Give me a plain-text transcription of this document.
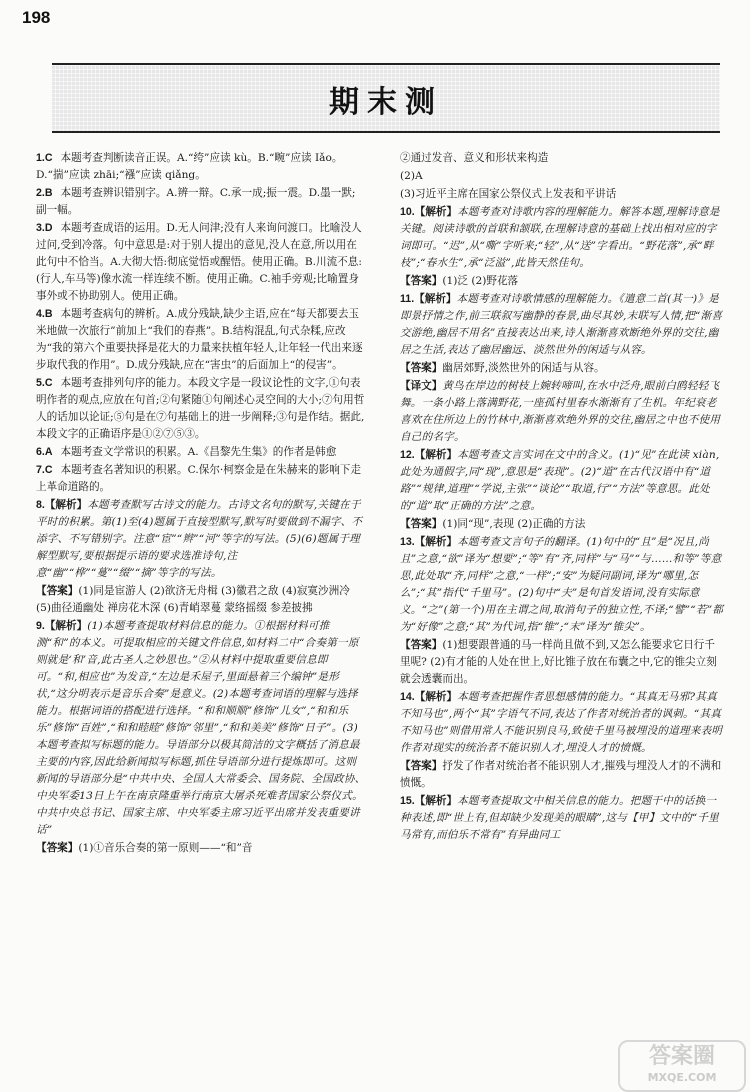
198
期末测
1.C 本题考查判断读音正误。A.“绔”应读 kù。B.“畹”应读 Iǎo。D.“揣”应读 zhāi;“襁”应读 qiǎng。
2.B 本题考查辨识错别字。A.辨一辩。C.承一成;振一震。D.墨一默;副一幅。
3.D 本题考查成语的运用。D.无人问津;没有人来询问渡口。比喻没人过问,受到冷落。句中意思是:对于别人提出的意见,没人在意,所以用在此句中不恰当。A.大彻大悟:彻底觉悟或醒悟。使用正确。B.川流不息:(行人,车马等)像水流一样连续不断。使用正确。C.袖手旁观;比喻置身事外或不协助别人。使用正确。
4.B 本题考查病句的辨析。A.成分残缺,缺少主语,应在“每天都要去玉米地做一次旅行”前加上“我们的春燕”。B.结构混乱,句式杂糅,应改为“我的第六个重要抉择是花大的力量来扶植年轻人,让年轻一代出来逐步取代我的作用”。D.成分残缺,应在“害虫”的后面加上“的侵害”。
5.C 本题考查排列句序的能力。本段文字是一段议论性的文字,①句表明作者的观点,应放在句首;②句紧随①句阐述心灵空间的大小;⑦句用哲人的话加以论证;⑤句是在⑦句基础上的进一步阐释;③句是作结。据此,本段文字的正确语序是①②⑦⑤③。
6.A 本题考查文学常识的积累。A.《昌黎先生集》的作者是韩愈
7.C 本题考查名著知识的积累。C.保尔·柯察金是在朱赫来的影响下走上革命道路的。
8.【解析】本题考查默写古诗文的能力。古诗文名句的默写,关键在于平时的积累。第(1)至(4)题属于直接型默写,默写时要做到不漏字、不添字、不写错别字。注意“宦”“辫”“河”等字的写法。(5)(6)题属于理解型默写,要根据提示语的要求选准诗句,注意“幽”“桦”“蔓”“缀”“摘”等字的写法。
【答案】(1)同是宦游人 (2)欲济无舟楫 (3)徽君之敌 (4)寂寞沙洲冷 (5)曲径通幽处 禅房花木深 (6)青峭翠蔓 蒙络摇缀 参差披拂
9.【解析】(1)本题考查提取材料信息的能力。①根据材料可推测“和”的本义。可提取相应的关键文件信息,如材料二中“合奏第一原则就是‘和’音,此古圣人之妙思也。”②从材料中提取重要信息即可。“和,相应也”为发音,“左边是禾屋子,里面悬着三个编钟”是形状,“这分明表示是音乐合奏”是意义。(2)本题考查词语的理解与选择能力。根据词语的搭配进行选择。“和和顺顺”修饰“儿女”,“和和乐乐”修饰“百姓”,“和和睦睦”修饰“邻里”,“和和美美”修饰“日子”。(3)本题考查拟写标题的能力。导语部分以极其简洁的文字概括了消息最主要的内容,因此给新闻拟写标题,抓住导语部分进行提炼即可。这则新闻的导语部分是“中共中央、全国人大常委会、国务院、全国政协、中央军委13日上午在南京隆重举行南京大屠杀死难者国家公祭仪式。中共中央总书记、国家主席、中央军委主席习近平出席并发表重要讲话”
【答案】(1)①音乐合奏的第一原则——“和”音
②通过发音、意义和形状来构造
(2)A
(3)习近平主席在国家公祭仪式上发表和平讲话
10.【解析】本题考查对诗歌内容的理解能力。解答本题,理解诗意是关键。阅读诗歌的首联和颔联,在理解诗意的基础上找出相对应的字词即可。“迟”,从“嘶”字听来;“轻”,从“送”字看出。“野花落”,承“畔枝”;“春水生”,承“泛溢”,此皆天然佳句。
【答案】(1)泛 (2)野花落
11.【解析】本题考查对诗歌情感的理解能力。《遣意二首(其一)》是即景抒情之作,前三联叙写幽静的春景,曲尽其妙,末联写人情,把“渐喜交游绝,幽居不用名”直接表达出来,诗人渐渐喜欢断绝外界的交往,幽居之生活,表达了幽居幽远、淡然世外的闲适与从容。
【答案】幽居郊野,淡然世外的闲适与从容。
【译文】黄鸟在岸边的树枝上婉转啼叫,在水中泛舟,眼前白鸥轻轻飞舞。一条小路上落满野花,一座孤村里春水渐渐有了生机。年纪衰老喜欢在住所边上的竹林中,渐渐喜欢绝外界的交往,幽居之中也不使用自己的名字。
12.【解析】本题考查文言实词在文中的含义。(1)“见”在此读 xiàn,此处为通假字,同“现”,意思是“表现”。(2)“道”在古代汉语中有“道路”“规律,道理”“学说,主张”“谈论”“取道,行”“方法”等意思。此处的“道”取“正确的方法”之意。
【答案】(1)同“现”,表现 (2)正确的方法
13.【解析】本题考查文言句子的翻译。(1)句中的“且”是“况且,尚且”之意,“欲”译为“想要”;“等”有“齐,同样”与“马”“与……和等”等意思,此处取“齐,同样”之意,“一样”;“安”为疑问副词,译为“哪里,怎么”;“其”指代“千里马”。(2)句中“夫”是句首发语词,没有实际意义。“之”(第一个)用在主谓之间,取消句子的独立性,不译;“譬”“若”都为“好像”之意;“其”为代词,指“锥”;“末”译为“锥尖”。
【答案】(1)想要跟普通的马一样尚且做不到,又怎么能要求它日行千里呢? (2)有才能的人处在世上,好比锥子放在布囊之中,它的锥尖立刻就会透囊而出。
14.【解析】本题考查把握作者思想感情的能力。“其真无马邪?其真不知马也”,两个“其”字语气不同,表达了作者对统治者的讽刺。“其真不知马也”则借用常人不能识别良马,致使千里马被埋没的道理来表明作者对现实的统治者不能识别人才,埋没人才的愤慨。
【答案】抒发了作者对统治者不能识别人才,摧残与埋没人才的不满和愤慨。
15.【解析】本题考查提取文中相关信息的能力。把题干中的话换一种表述,即“世上有,但却缺少发现美的眼睛”,这与【甲】文中的“千里马常有,而伯乐不常有”有异曲同工
答案圈
MXQE.COM
